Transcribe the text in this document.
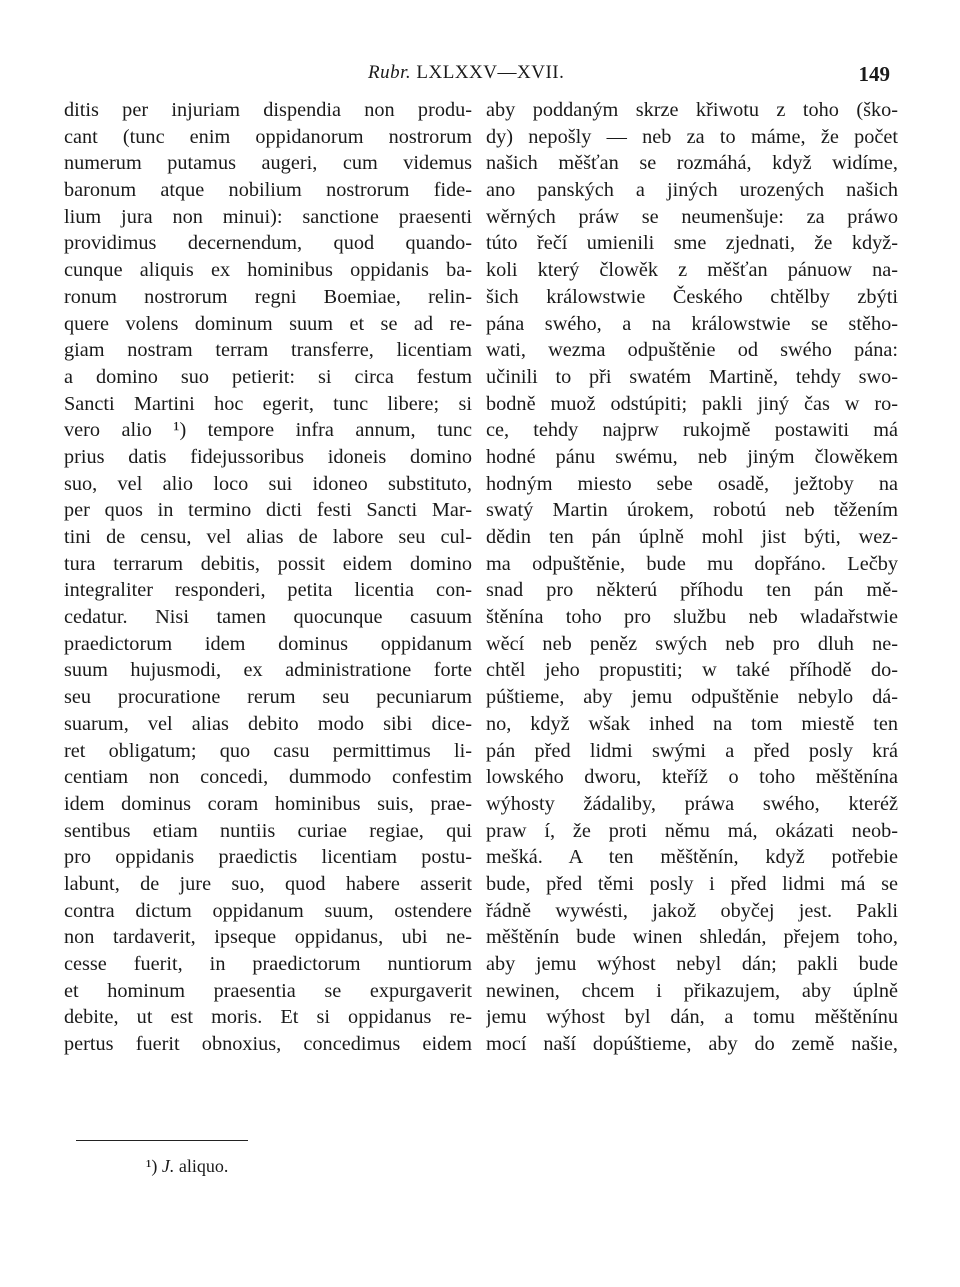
Rubr. LXLXXV—XVII.	149
ditis per injuriam dispendia non produ-
cant (tunc enim oppidanorum nostrorum
numerum putamus augeri, cum videmus
baronum atque nobilium nostrorum fide-
lium jura non minui): sanctione praesenti
providimus decernendum, quod quando-
cunque aliquis ex hominibus oppidanis ba-
ronum nostrorum regni Boemiae, relin-
quere volens dominum suum et se ad re-
giam nostram terram transferre, licentiam
a domino suo petierit: si circa festum
Sancti Martini hoc egerit, tunc libere; si
vero alio ¹) tempore infra annum, tunc
prius datis fidejussoribus idoneis domino
suo, vel alio loco sui idoneo substituto,
per quos in termino dicti festi Sancti Mar-
tini de censu, vel alias de labore seu cul-
tura terrarum debitis, possit eidem domino
integraliter responderi, petita licentia con-
cedatur. Nisi tamen quocunque casuum
praedictorum idem dominus oppidanum
suum hujusmodi, ex administratione forte
seu procuratione rerum seu pecuniarum
suarum, vel alias debito modo sibi dice-
ret obligatum; quo casu permittimus li-
centiam non concedi, dummodo confestim
idem dominus coram hominibus suis, prae-
sentibus etiam nuntiis curiae regiae, qui
pro oppidanis praedictis licentiam postu-
labunt, de jure suo, quod habere asserit
contra dictum oppidanum suum, ostendere
non tardaverit, ipseque oppidanus, ubi ne-
cesse fuerit, in praedictorum nuntiorum
et hominum praesentia se expurgaverit
debite, ut est moris. Et si oppidanus re-
pertus fuerit obnoxius, concedimus eidem
aby poddaným skrze křiwotu z toho (ško-
dy) nepošly — neb za to máme, že počet
našich měšťan se rozmáhá, když widíme,
ano panských a jiných urozených našich
wěrných práw se neumenšuje: za práwo
túto řečí umienili sme zjednati, že když-
koli který člowěk z měšťan pánuow na-
šich králowstwie Českého chtělby zbýti
pána swého, a na králowstwie se stěho-
wati, wezma odpuštěnie od swého pána:
učinili to při swatém Martině, tehdy swo-
bodně muož odstúpiti; pakli jiný čas w ro-
ce, tehdy najprw rukojmě postawiti má
hodné pánu swému, neb jiným člowěkem
hodným miesto sebe osadě, ježtoby na
swatý Martin úrokem, robotú neb těžením
dědin ten pán úplně mohl jist býti, wez-
ma odpuštěnie, bude mu dopřáno. Lečby
snad pro některú příhodu ten pán mě-
štěnína toho pro službu neb wladařstwie
wěcí neb peněz swých neb pro dluh ne-
chtěl jeho propustiti; w také příhodě do-
púštieme, aby jemu odpuštěnie nebylo dá-
no, když wšak inhed na tom miestě ten
pán před lidmi swými a před posly krá
lowského dworu, kteříž o toho měštěnína
wýhosty žádaliby, práwa swého, kteréž
praw í, že proti němu má, okázati neob-
mešká. A ten měštěnín, když potřebie
bude, před těmi posly i před lidmi má se
řádně wywésti, jakož obyčej jest. Pakli
měštěnín bude winen shledán, přejem toho,
aby jemu wýhost nebyl dán; pakli bude
newinen, chcem i přikazujem, aby úplně
jemu wýhost byl dán, a tomu měštěnínu
mocí naší dopúštieme, aby do země našie,
¹) J. aliquo.
